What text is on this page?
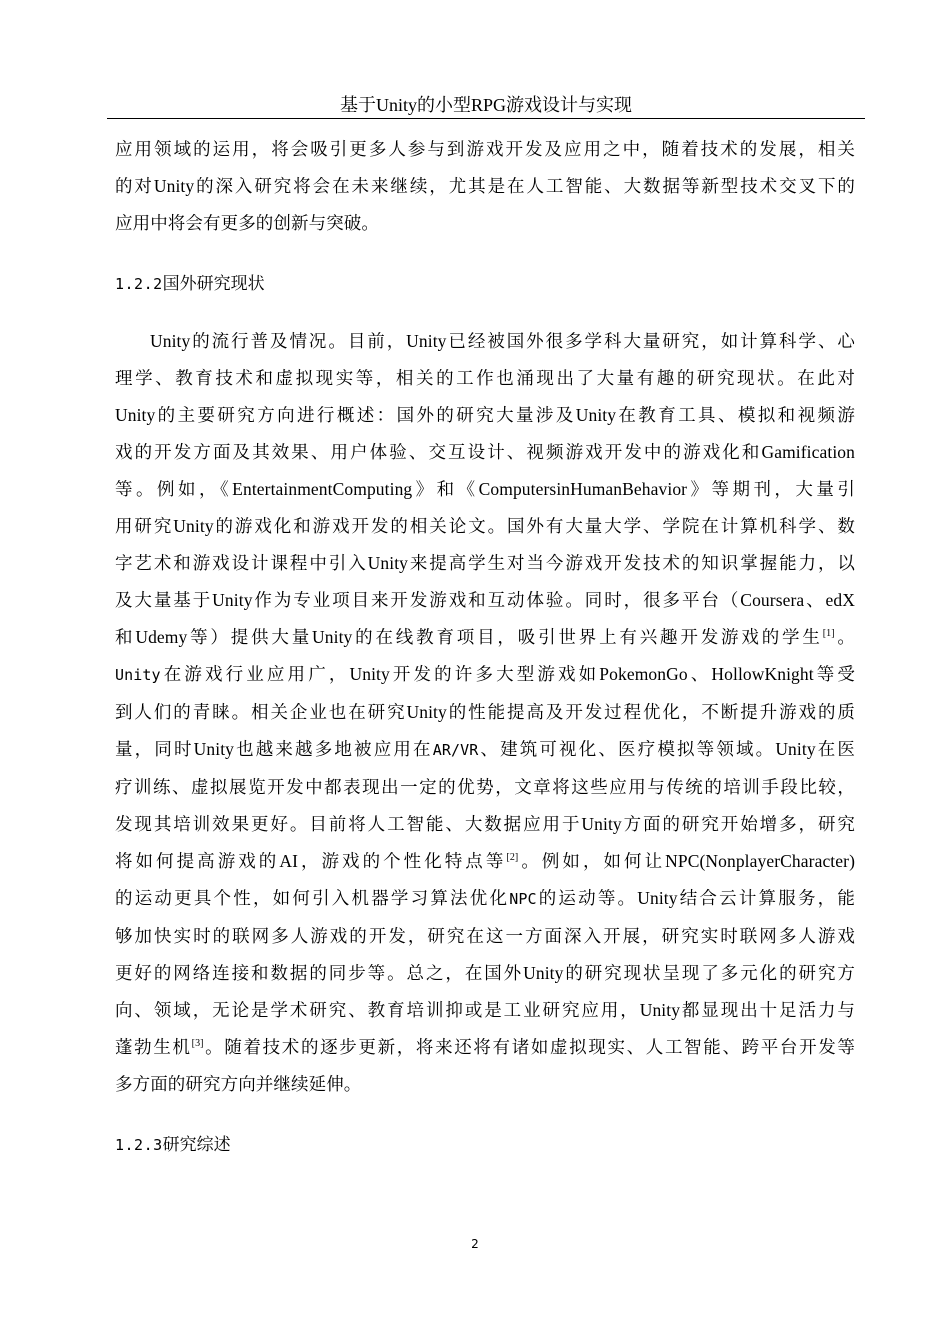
基于Unity的小型RPG游戏设计与实现
应用领域的运用，将会吸引更多人参与到游戏开发及应用之中，随着技术的发展，相关
的对Unity的深入研究将会在未来继续，尤其是在人工智能、大数据等新型技术交叉下的
应用中将会有更多的创新与突破。
1.2.2国外研究现状
Unity的流行普及情况。目前，Unity已经被国外很多学科大量研究，如计算科学、心
理学、教育技术和虚拟现实等，相关的工作也涌现出了大量有趣的研究现状。在此对
Unity的主要研究方向进行概述：国外的研究大量涉及Unity在教育工具、模拟和视频游
戏的开发方面及其效果、用户体验、交互设计、视频游戏开发中的游戏化和Gamification
等。例如，《EntertainmentComputing》和《ComputersinHumanBehavior》等期刊，大量引
用研究Unity的游戏化和游戏开发的相关论文。国外有大量大学、学院在计算机科学、数
字艺术和游戏设计课程中引入Unity来提高学生对当今游戏开发技术的知识掌握能力，以
及大量基于Unity作为专业项目来开发游戏和互动体验。同时，很多平台（Coursera、edX
和Udemy等）提供大量Unity的在线教育项目，吸引世界上有兴趣开发游戏的学生[1]。
Unity在游戏行业应用广，Unity开发的许多大型游戏如PokemonGo、HollowKnight等受
到人们的青睐。相关企业也在研究Unity的性能提高及开发过程优化，不断提升游戏的质
量，同时Unity也越来越多地被应用在AR/VR、建筑可视化、医疗模拟等领域。Unity在医
疗训练、虚拟展览开发中都表现出一定的优势，文章将这些应用与传统的培训手段比较，
发现其培训效果更好。目前将人工智能、大数据应用于Unity方面的研究开始增多，研究
将如何提高游戏的AI，游戏的个性化特点等[2]。例如，如何让NPC(NonplayerCharacter)
的运动更具个性，如何引入机器学习算法优化NPC的运动等。Unity结合云计算服务，能
够加快实时的联网多人游戏的开发，研究在这一方面深入开展，研究实时联网多人游戏
更好的网络连接和数据的同步等。总之，在国外Unity的研究现状呈现了多元化的研究方
向、领域，无论是学术研究、教育培训抑或是工业研究应用，Unity都显现出十足活力与
蓬勃生机[3]。随着技术的逐步更新，将来还将有诸如虚拟现实、人工智能、跨平台开发等
多方面的研究方向并继续延伸。
1.2.3研究综述
2
